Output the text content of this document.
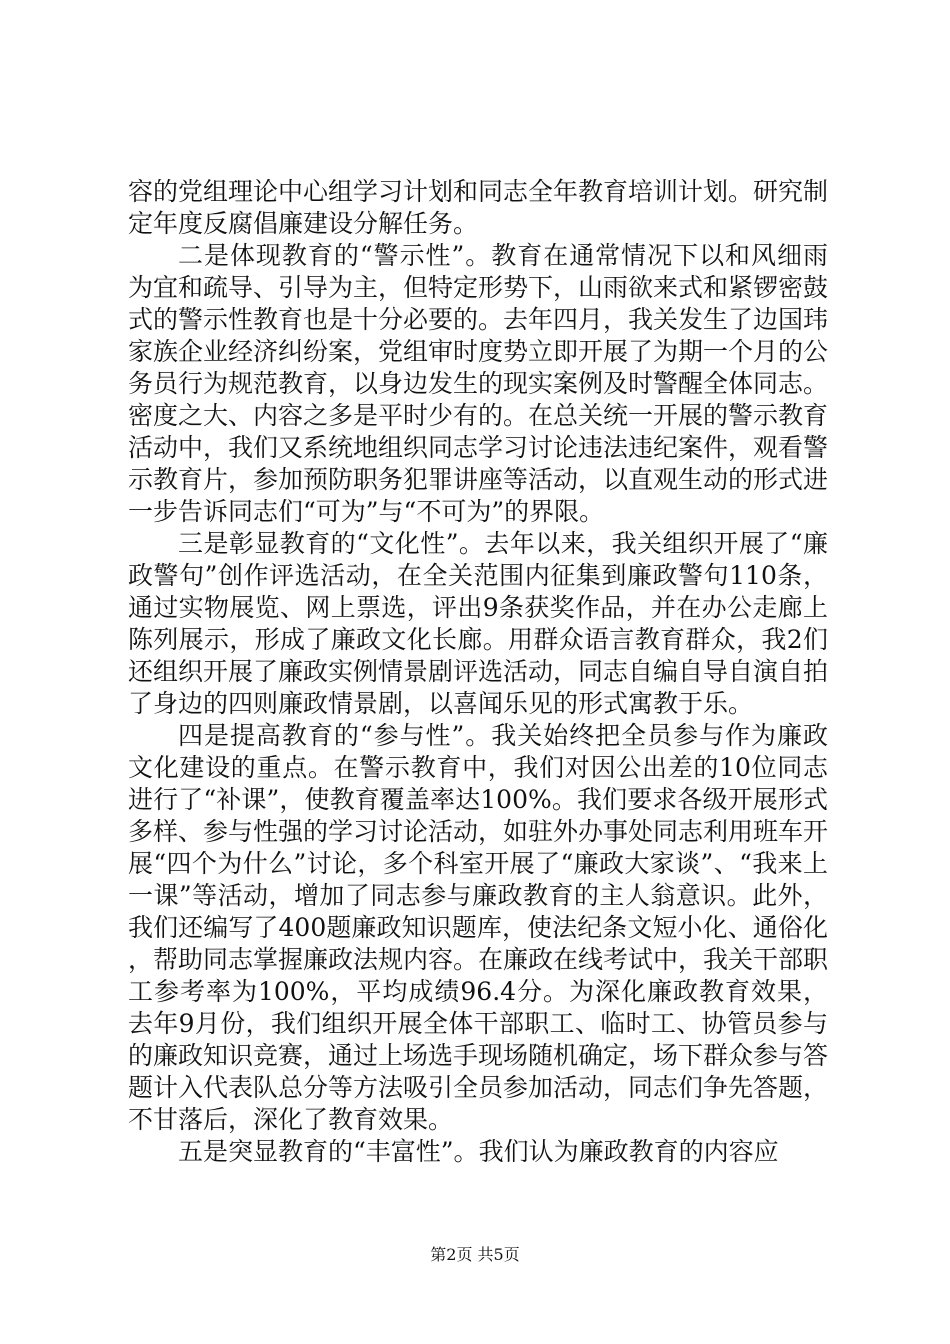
容的党组理论中心组学习计划和同志全年教育培训计划。研究制定年度反腐倡廉建设分解任务。

二是体现教育的“警示性”。教育在通常情况下以和风细雨为宜和疏导、引导为主，但特定形势下，山雨欲来式和紧锣密鼓式的警示性教育也是十分必要的。去年四月，我关发生了边国玮家族企业经济纠纷案，党组审时度势立即开展了为期一个月的公务员行为规范教育，以身边发生的现实案例及时警醒全体同志。密度之大、内容之多是平时少有的。在总关统一开展的警示教育活动中，我们又系统地组织同志学习讨论违法违纪案件，观看警示教育片，参加预防职务犯罪讲座等活动，以直观生动的形式进一步告诉同志们“可为”与“不可为”的界限。

三是彰显教育的“文化性”。去年以来，我关组织开展了“廉政警句”创作评选活动，在全关范围内征集到廉政警句110条，通过实物展览、网上票选，评出9条获奖作品，并在办公走廊上陈列展示，形成了廉政文化长廊。用群众语言教育群众，我2们还组织开展了廉政实例情景剧评选活动，同志自编自导自演自拍了身边的四则廉政情景剧，以喜闻乐见的形式寓教于乐。

四是提高教育的“参与性”。我关始终把全员参与作为廉政文化建设的重点。在警示教育中，我们对因公出差的10位同志进行了“补课”，使教育覆盖率达100%。我们要求各级开展形式多样、参与性强的学习讨论活动，如驻外办事处同志利用班车开展“四个为什么”讨论，多个科室开展了“廉政大家谈”、“我来上一课”等活动，增加了同志参与廉政教育的主人翁意识。此外，我们还编写了400题廉政知识题库，使法纪条文短小化、通俗化，帮助同志掌握廉政法规内容。在廉政在线考试中，我关干部职工参考率为100%，平均成绩96.4分。为深化廉政教育效果，去年9月份，我们组织开展全体干部职工、临时工、协管员参与的廉政知识竞赛，通过上场选手现场随机确定，场下群众参与答题计入代表队总分等方法吸引全员参加活动，同志们争先答题，不甘落后，深化了教育效果。

五是突显教育的“丰富性”。我们认为廉政教育的内容应

第2页 共5页
